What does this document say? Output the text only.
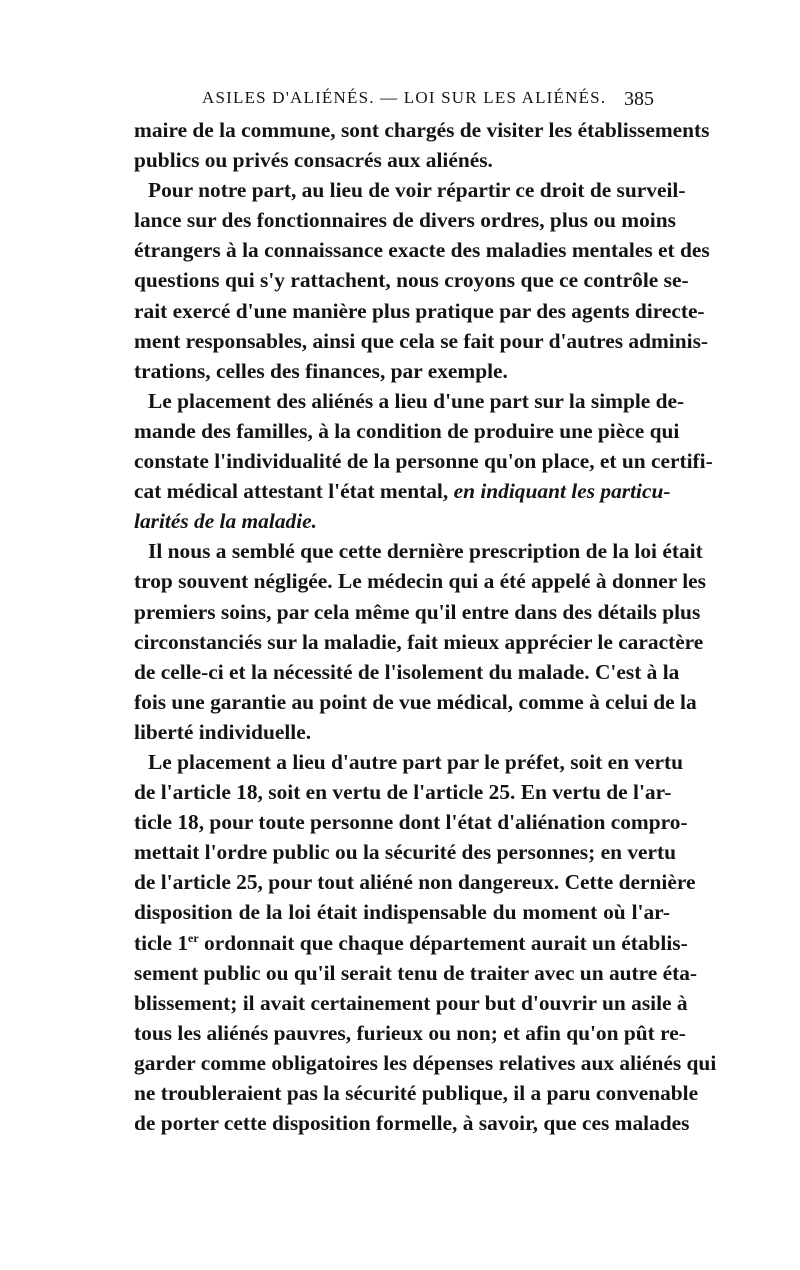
ASILES D'ALIÉNÉS. — LOI SUR LES ALIÉNÉS. 385
maire de la commune, sont chargés de visiter les établissements
publics ou privés consacrés aux aliénés.
Pour notre part, au lieu de voir répartir ce droit de surveil-
lance sur des fonctionnaires de divers ordres, plus ou moins
étrangers à la connaissance exacte des maladies mentales et des
questions qui s'y rattachent, nous croyons que ce contrôle se-
rait exercé d'une manière plus pratique par des agents directe-
ment responsables, ainsi que cela se fait pour d'autres adminis-
trations, celles des finances, par exemple.
Le placement des aliénés a lieu d'une part sur la simple de-
mande des familles, à la condition de produire une pièce qui
constate l'individualité de la personne qu'on place, et un certifi-
cat médical attestant l'état mental, en indiquant les particu-
larités de la maladie.
Il nous a semblé que cette dernière prescription de la loi était
trop souvent négligée. Le médecin qui a été appelé à donner les
premiers soins, par cela même qu'il entre dans des détails plus
circonstanciés sur la maladie, fait mieux apprécier le caractère
de celle-ci et la nécessité de l'isolement du malade. C'est à la
fois une garantie au point de vue médical, comme à celui de la
liberté individuelle.
Le placement a lieu d'autre part par le préfet, soit en vertu
de l'article 18, soit en vertu de l'article 25. En vertu de l'ar-
ticle 18, pour toute personne dont l'état d'aliénation compro-
mettait l'ordre public ou la sécurité des personnes; en vertu
de l'article 25, pour tout aliéné non dangereux. Cette dernière
disposition de la loi était indispensable du moment où l'ar-
ticle 1er ordonnait que chaque département aurait un établis-
sement public ou qu'il serait tenu de traiter avec un autre éta-
blissement; il avait certainement pour but d'ouvrir un asile à
tous les aliénés pauvres, furieux ou non; et afin qu'on pût re-
garder comme obligatoires les dépenses relatives aux aliénés qui
ne troubleraient pas la sécurité publique, il a paru convenable
de porter cette disposition formelle, à savoir, que ces malades
